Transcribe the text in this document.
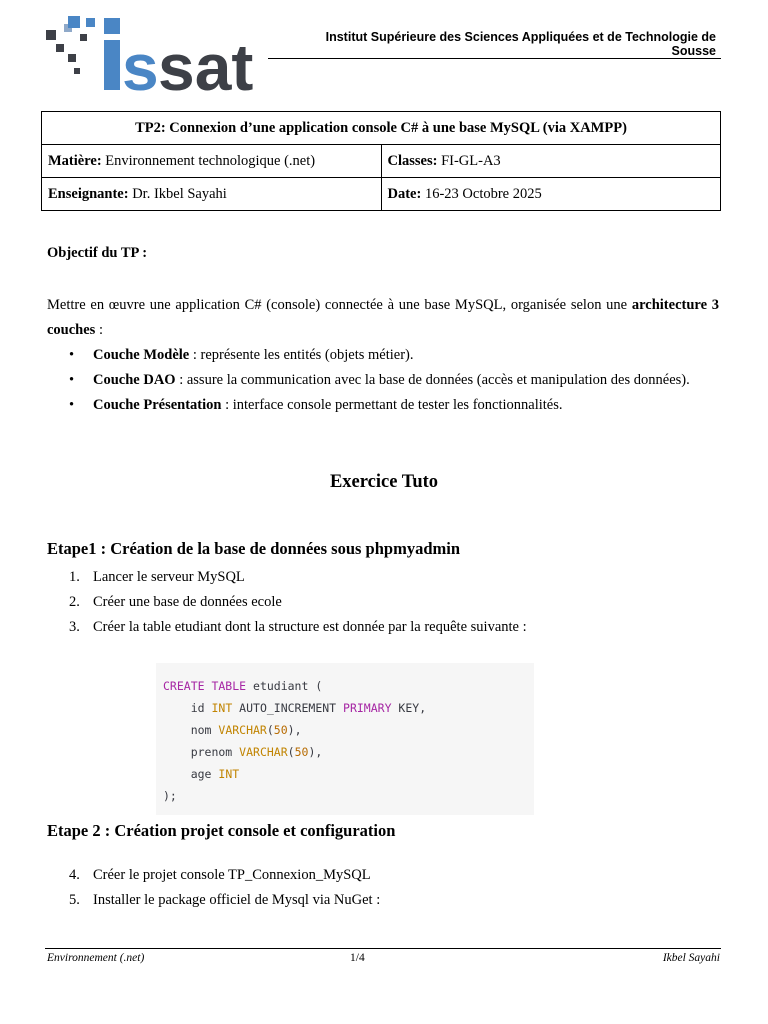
s sat	Institut Supérieure des Sciences Appliquées et de Technologie de Sousse
TP2: Connexion d’une application console C# à une base MySQL (via XAMPP)	
Matière: Environnement technologique (.net)	Classes: FI-GL-A3
Enseignante: Dr. Ikbel Sayahi	Date: 16-23 Octobre 2025
Objectif du TP :
Mettre en œuvre une application C# (console) connectée à une base MySQL, organisée selon une architecture 3 couches :
• Couche Modèle : représente les entités (objets métier).
• Couche DAO : assure la communication avec la base de données (accès et manipulation des données).
• Couche Présentation : interface console permettant de tester les fonctionnalités.
Exercice Tuto
Etape1 : Création de la base de données sous phpmyadmin
1. Lancer le serveur MySQL
2. Créer une base de données ecole
3. Créer la table etudiant dont la structure est donnée par la requête suivante :
CREATE TABLE etudiant (
id INT AUTO_INCREMENT PRIMARY KEY,
nom VARCHAR(50),
prenom VARCHAR(50),
age INT
);
Etape 2 : Création projet console et configuration
4. Créer le projet console TP_Connexion_MySQL
5. Installer le package officiel de Mysql via NuGet :
Environnement (.net)	1/4	Ikbel Sayahi
